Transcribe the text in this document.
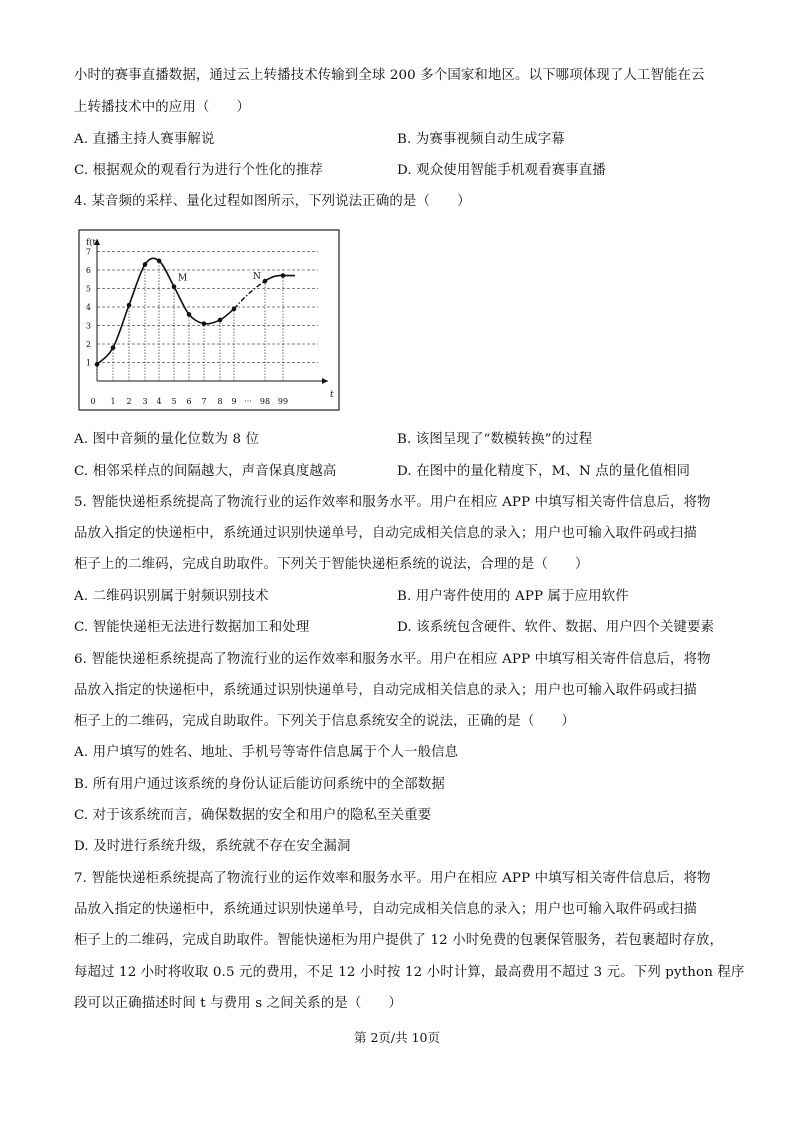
小时的赛事直播数据，通过云上转播技术传输到全球 200 多个国家和地区。以下哪项体现了人工智能在云
上转播技术中的应用（　　）
A. 直播主持人赛事解说	B. 为赛事视频自动生成字幕
C. 根据观众的观看行为进行个性化的推荐	D. 观众使用智能手机观看赛事直播
4. 某音频的采样、量化过程如图所示，下列说法正确的是（　　）
f(t)
t
1
2
3
4
5
6
7
0 1 2 3 4 5 6 7 8 9 ··· 98 99
M	N
A. 图中音频的量化位数为 8 位	B. 该图呈现了“数模转换”的过程
C. 相邻采样点的间隔越大，声音保真度越高	D. 在图中的量化精度下，M、N 点的量化值相同
5. 智能快递柜系统提高了物流行业的运作效率和服务水平。用户在相应 APP 中填写相关寄件信息后，将物
品放入指定的快递柜中，系统通过识别快递单号，自动完成相关信息的录入；用户也可输入取件码或扫描
柜子上的二维码，完成自助取件。下列关于智能快递柜系统的说法，合理的是（　　）
A. 二维码识别属于射频识别技术	B. 用户寄件使用的 APP 属于应用软件
C. 智能快递柜无法进行数据加工和处理	D. 该系统包含硬件、软件、数据、用户四个关键要素
6. 智能快递柜系统提高了物流行业的运作效率和服务水平。用户在相应 APP 中填写相关寄件信息后，将物
品放入指定的快递柜中，系统通过识别快递单号，自动完成相关信息的录入；用户也可输入取件码或扫描
柜子上的二维码，完成自助取件。下列关于信息系统安全的说法，正确的是（　　）
A. 用户填写的姓名、地址、手机号等寄件信息属于个人一般信息
B. 所有用户通过该系统的身份认证后能访问系统中的全部数据
C. 对于该系统而言，确保数据的安全和用户的隐私至关重要
D. 及时进行系统升级，系统就不存在安全漏洞
7. 智能快递柜系统提高了物流行业的运作效率和服务水平。用户在相应 APP 中填写相关寄件信息后，将物
品放入指定的快递柜中，系统通过识别快递单号，自动完成相关信息的录入；用户也可输入取件码或扫描
柜子上的二维码，完成自助取件。智能快递柜为用户提供了 12 小时免费的包裹保管服务，若包裹超时存放，
每超过 12 小时将收取 0.5 元的费用，不足 12 小时按 12 小时计算，最高费用不超过 3 元。下列 python 程序
段可以正确描述时间 t 与费用 s 之间关系的是（　　）
第 2页/共 10页
